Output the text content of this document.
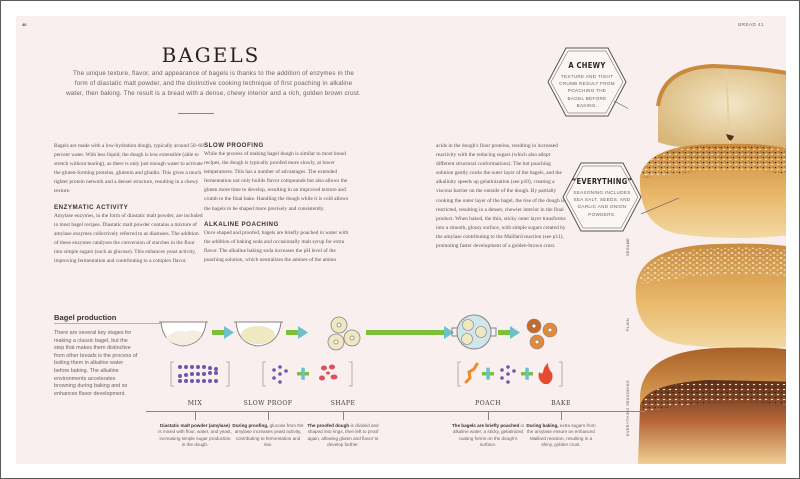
40	BREAD 41
BAGELS

The unique texture, flavor, and appearance of bagels is thanks to the addition of enzymes in the form of diastatic malt powder, and the distinctive cooking technique of first poaching in alkaline water, then baking. The result is a bread with a dense, chewy interior and a rich, golden brown crust.

Bagels are made with a low-hydration dough, typically around 50–60 percent water. With less liquid, the dough is less extensible (able to stretch without tearing), as there is only just enough water to activate the gluten-forming proteins, glutenin and gliadin. This gives a much tighter protein network and a denser structure, resulting in a chewy texture.

ENZYMATIC ACTIVITY

Amylase enzymes, in the form of diastatic malt powder, are included in most bagel recipes. Diastatic malt powder contains a mixture of amylase enzymes collectively referred to as diastases. The addition of these enzymes catalyses the conversion of starches in the flour into simple sugars (such as glucose). This enhances yeast activity, improving fermentation and contributing to a complex flavor.

SLOW PROOFING

While the process of making bagel dough is similar to most bread recipes, the dough is typically proofed more slowly, at lower temperatures. This has a number of advantages. The extended fermentation not only builds flavor compounds but also allows the gluten more time to develop, resulting in an improved texture and crumb to the final bake. Handling the dough while it is cold allows the bagels to be shaped more precisely and consistently.

ALKALINE POACHING

Once shaped and proofed, bagels are briefly poached in water with the addition of baking soda and occasionally malt syrup for extra flavor. The alkaline baking soda increases the pH level of the poaching solution, which neutralizes the amines of the amino

acids in the dough's flour proteins, resulting in increased reactivity with the reducing sugars (which also adopt different structural conformations). The hot poaching solution gently cooks the outer layer of the bagels, and the alkalinity speeds up gelatinization (see p10), creating a viscous barrier on the outside of the dough. By partially cooking the outer layer of the bagel, the rise of the dough is restricted, resulting in a denser, chewier interior in the final product. When baked, the thin, sticky outer layer transforms into a smooth, glossy surface, with simple sugars created by the amylase contributing to the Maillard reaction (see p11), promoting faster development of a golden-brown crust.	SESAME
PLAIN
EVERYTHING SEASONING
A CHEWY
TEXTURE AND TIGHT CRUMB RESULT FROM POACHING THE BAGEL BEFORE BAKING.
“EVERYTHING”
SEASONING INCLUDES SEA SALT, SEEDS, AND GARLIC AND ONION POWDERS.
Bagel production

There are several key stages for making a classic bagel, but the step that makes them distinctive from other breads is the process of boiling them in alkaline water before baking. The alkaline environments accelerates browning during baking and so enhances flavor development.

MIX
Diastatic malt powder (amylase) is mixed with flour, water, and yeast, increasing simple sugar production in the dough.
SLOW PROOF
During proofing, glucose from the amylase increases yeast activity, contributing to fermentation and rise.
SHAPE
The proofed dough is divided and shaped into rings, then left to proof again, allowing gluten and flavor to develop further.
POACH
The bagels are briefly poached in alkaline water; a sticky, gelatinized coating forms on the dough's surface.
BAKE
During baking, extra sugars from the amylase ensure an enhanced Maillard reaction, resulting in a shiny, golden crust.
